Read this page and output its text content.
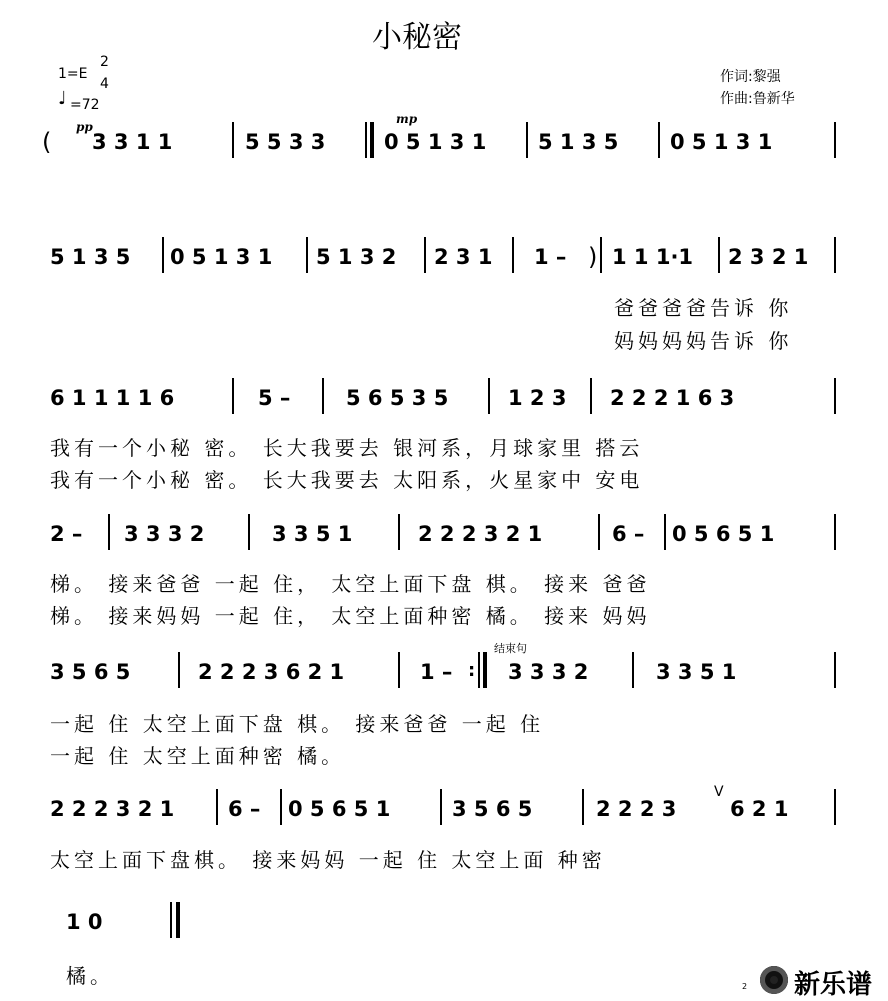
小秘密
1=E
2
4
♩ =72
作词:黎强
作曲:鲁新华
(
pp
3 3 1 1	5 5 3 3
mp
0 5 1 3 1 5 1 3 5 0 5 1 3 1
5 1 3 5 0 5 1 3 1 5 1 3 2 2 3 1 1 – ) 1 1 1·1 2 3 2 1
爸爸爸爸告诉 你
妈妈妈妈告诉 你
6 1 1 1 1 6	5 –	5 6 5 3 5	1 2 3 2 2 2 1 6 3
我有一个小秘 密。 长大我要去 银河系，月球家里 搭云
我有一个小秘 密。 长大我要去 太阳系，火星家中 安电
2 – 3 3 3 2	3 3 5 1	2 2 2 3 2 1	6 – 0 5 6 5 1
梯。 接来爸爸 一起 住， 太空上面下盘 棋。 接来 爸爸
梯。 接来妈妈 一起 住， 太空上面种密 橘。 接来 妈妈
3 5 6 5	2 2 2 3 6 2 1	1 – :
结束句
3 3 3 2	3 3 5 1
一起 住 太空上面下盘 棋。 接来爸爸 一起 住
一起 住 太空上面种密 橘。
2 2 2 3 2 1	6 – 0 5 6 5 1	3 5 6 5	2 2 2 3
V
6 2 1
太空上面下盘棋。 接来妈妈 一起 住 太空上面 种密
1 0
橘。	2 新乐谱
